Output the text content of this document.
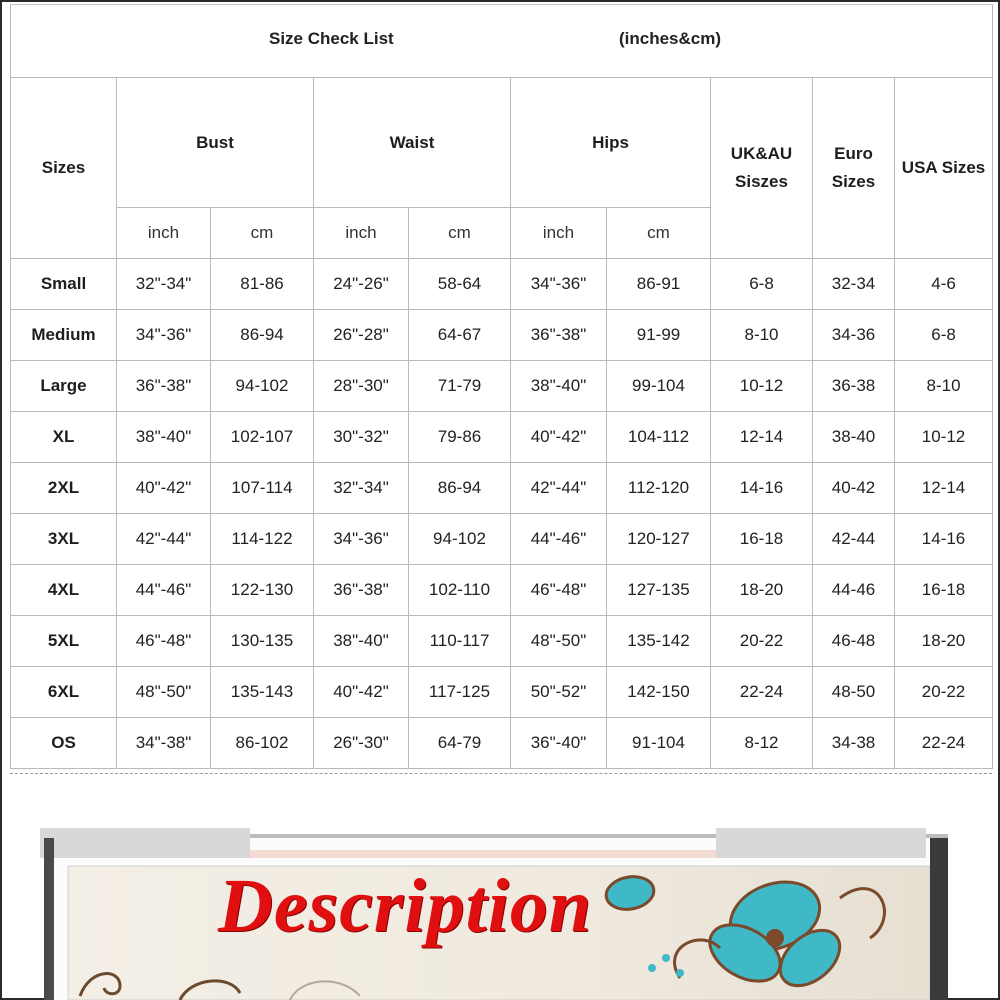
Size Check List (inches&cm)									

Sizes	Bust		Waist		Hips		UK&AU Siszes	Euro Sizes	USA Sizes
	inch	cm	inch	cm	inch	cm			
Small	32"-34"	81-86	24"-26"	58-64	34"-36"	86-91	6-8	32-34	4-6
Medium	34"-36"	86-94	26"-28"	64-67	36"-38"	91-99	8-10	34-36	6-8
Large	36"-38"	94-102	28"-30"	71-79	38"-40"	99-104	10-12	36-38	8-10
XL	38"-40"	102-107	30"-32"	79-86	40"-42"	104-112	12-14	38-40	10-12
2XL	40"-42"	107-114	32"-34"	86-94	42"-44"	112-120	14-16	40-42	12-14
3XL	42"-44"	114-122	34"-36"	94-102	44"-46"	120-127	16-18	42-44	14-16
4XL	44"-46"	122-130	36"-38"	102-110	46"-48"	127-135	18-20	44-46	16-18
5XL	46"-48"	130-135	38"-40"	110-117	48"-50"	135-142	20-22	46-48	18-20
6XL	48"-50"	135-143	40"-42"	117-125	50"-52"	142-150	22-24	48-50	20-22
OS	34"-38"	86-102	26"-30"	64-79	36"-40"	91-104	8-12	34-38	22-24
Description
